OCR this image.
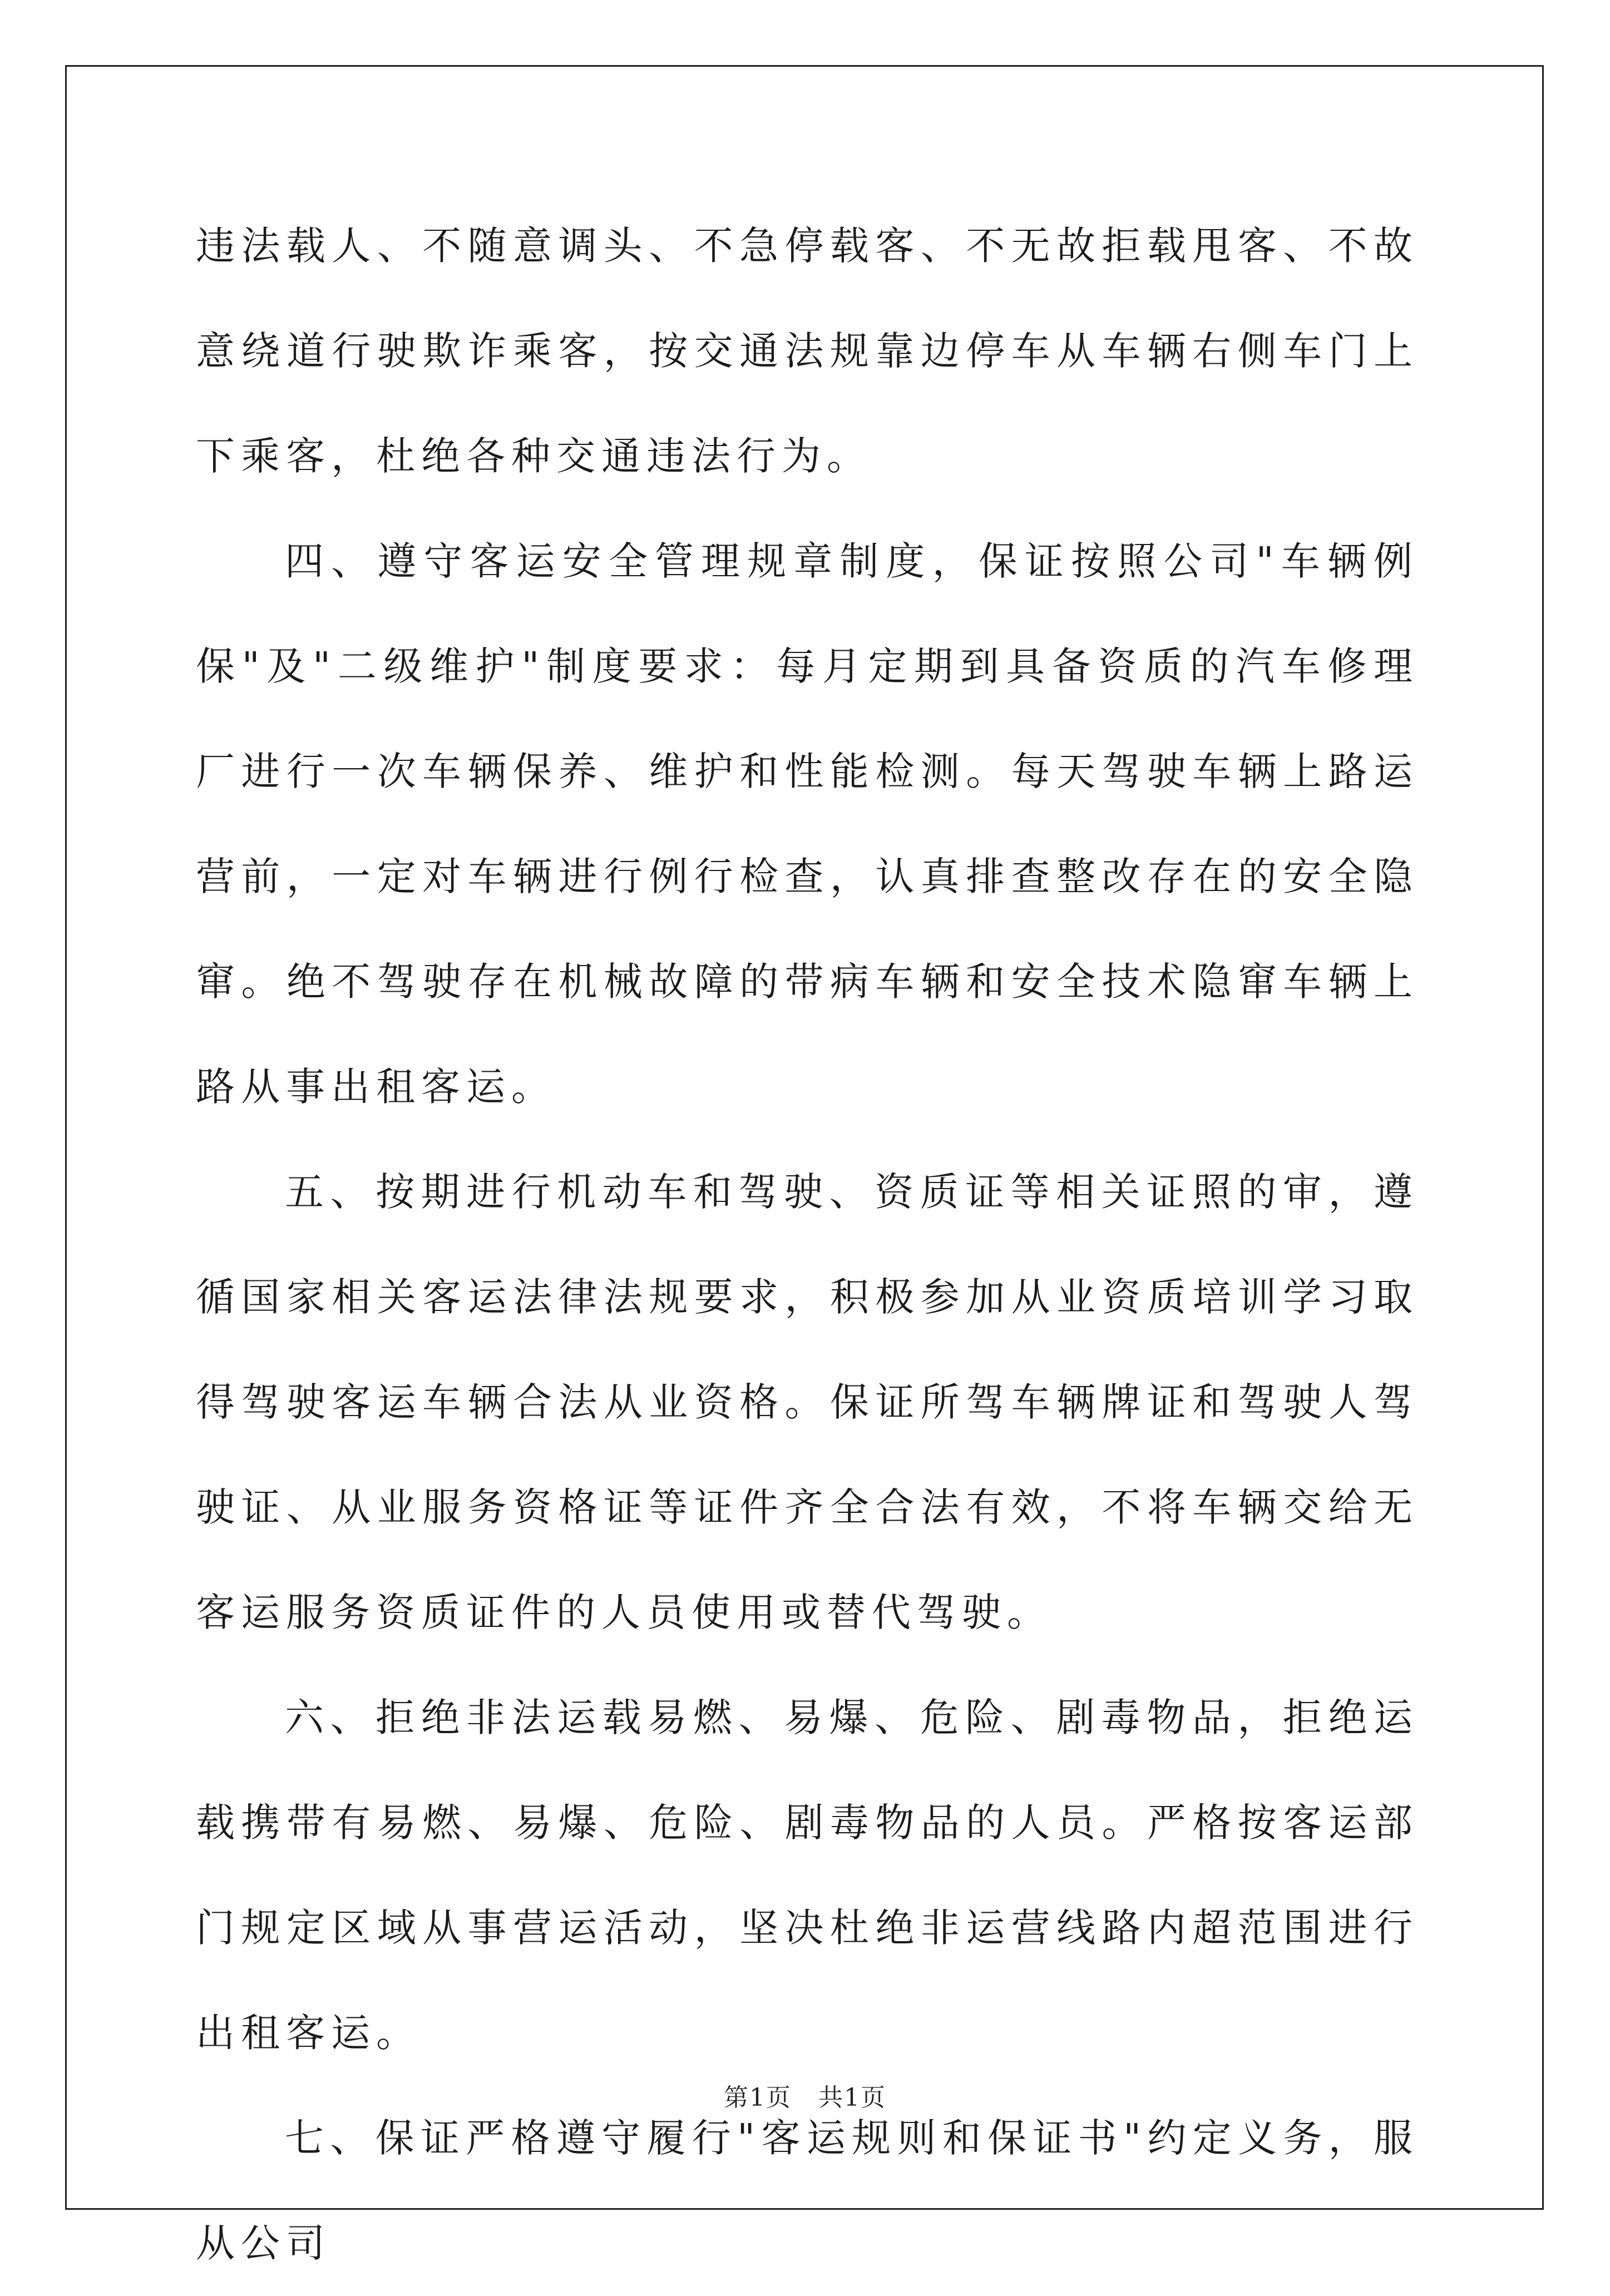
违法载人、不随意调头、不急停载客、不无故拒载甩客、不故意绕道行驶欺诈乘客，按交通法规靠边停车从车辆右侧车门上下乘客，杜绝各种交通违法行为。

四、遵守客运安全管理规章制度，保证按照公司"车辆例保"及"二级维护"制度要求：每月定期到具备资质的汽车修理厂进行一次车辆保养、维护和性能检测。每天驾驶车辆上路运营前，一定对车辆进行例行检查，认真排查整改存在的安全隐窜。绝不驾驶存在机械故障的带病车辆和安全技术隐窜车辆上路从事出租客运。

五、按期进行机动车和驾驶、资质证等相关证照的审，遵循国家相关客运法律法规要求，积极参加从业资质培训学习取得驾驶客运车辆合法从业资格。保证所驾车辆牌证和驾驶人驾驶证、从业服务资格证等证件齐全合法有效，不将车辆交给无客运服务资质证件的人员使用或替代驾驶。

六、拒绝非法运载易燃、易爆、危险、剧毒物品，拒绝运载携带有易燃、易爆、危险、剧毒物品的人员。严格按客运部门规定区域从事营运活动，坚决杜绝非运营线路内超范围进行出租客运。

七、保证严格遵守履行"客运规则和保证书"约定义务，服从公司

第1页 共1页
